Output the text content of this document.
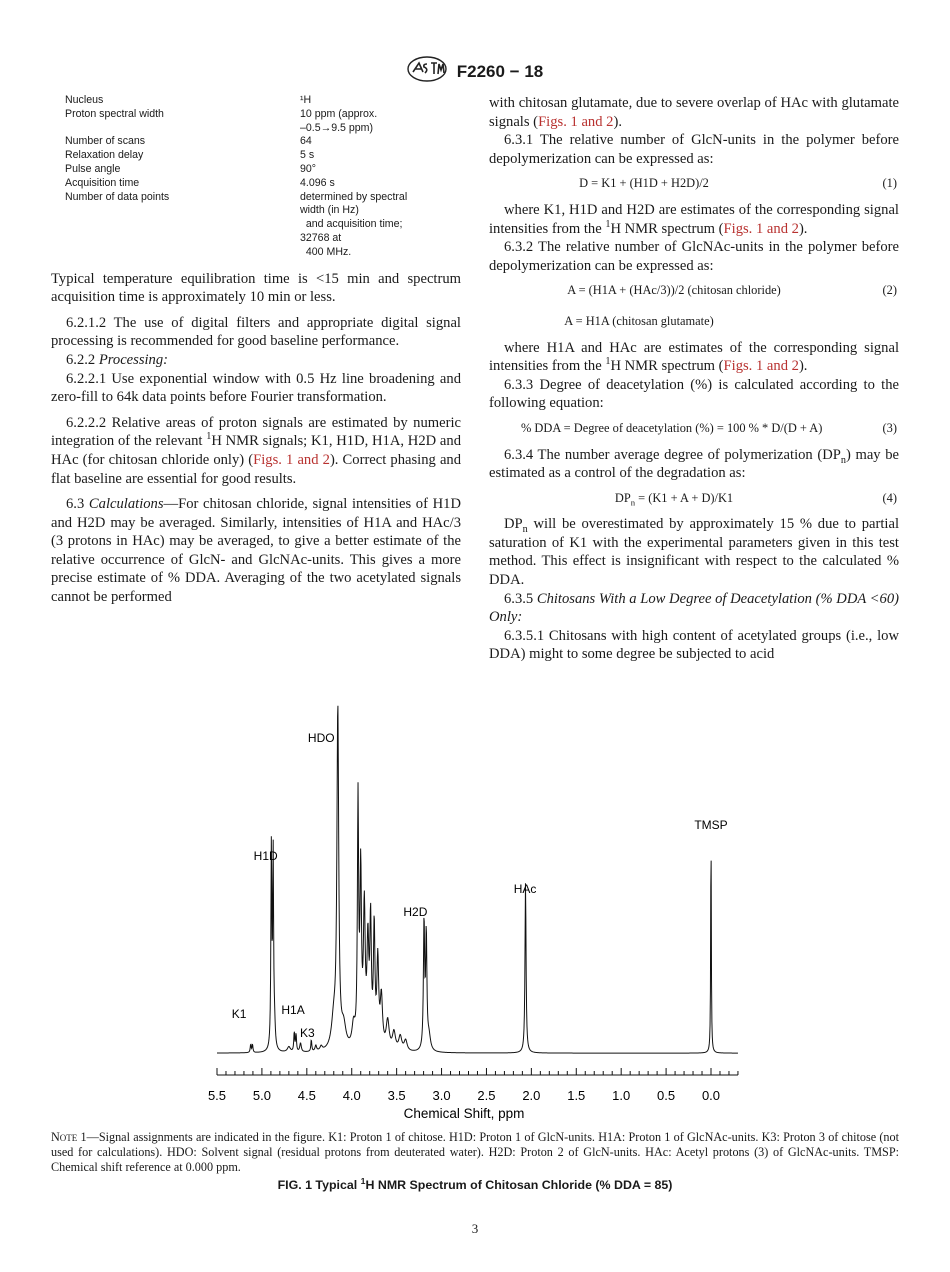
F2260 − 18
Nucleus	¹H
Proton spectral width	10 ppm (approx.
–0.5→9.5 ppm)
Number of scans	64
Relaxation delay	5 s
Pulse angle	90°
Acquisition time	4.096 s
Number of data points	determined by spectral
width (in Hz)
and acquisition time;
32768 at
400 MHz.

Typical temperature equilibration time is <15 min and spectrum acquisition time is approximately 10 min or less.

6.2.1.2 The use of digital filters and appropriate digital signal processing is recommended for good baseline performance.

6.2.2 Processing:

6.2.2.1 Use exponential window with 0.5 Hz line broadening and zero-fill to 64k data points before Fourier transformation.

6.2.2.2 Relative areas of proton signals are estimated by numeric integration of the relevant $^1$H NMR signals; K1, H1D, H1A, H2D and HAc (for chitosan chloride only) (Figs. 1 and 2). Correct phasing and flat baseline are essential for good results.

6.3 Calculations—For chitosan chloride, signal intensities of H1D and H2D may be averaged. Similarly, intensities of H1A and HAc/3 (3 protons in HAc) may be averaged, to give a better estimate of the relative occurrence of GlcN- and GlcNAc-units. This gives a more precise estimate of % DDA. Averaging of the two acetylated signals cannot be performed

with chitosan glutamate, due to severe overlap of HAc with glutamate signals (Figs. 1 and 2).

6.3.1 The relative number of GlcN-units in the polymer before depolymerization can be expressed as:

D = K1 + (H1D + H2D)/2	(1)

where K1, H1D and H2D are estimates of the corresponding signal intensities from the $^1$H NMR spectrum (Figs. 1 and 2).

6.3.2 The relative number of GlcNAc-units in the polymer before depolymerization can be expressed as:

A = (H1A + (HAc/3))/2 (chitosan chloride)	(2)
A = H1A (chitosan glutamate)

where H1A and HAc are estimates of the corresponding signal intensities from the $^1$H NMR spectrum (Figs. 1 and 2).

6.3.3 Degree of deacetylation (%) is calculated according to the following equation:

% DDA = Degree of deacetylation (%) = 100 % * D/(D + A)	(3)

6.3.4 The number average degree of polymerization $(DP_n)$ may be estimated as a control of the degradation as:

$DP_n = (K1 + A + D)/K1$	(4)

$DP_n$ will be overestimated by approximately 15 % due to partial saturation of K1 with the experimental parameters given in this test method. This effect is insignificant with respect to the calculated % DDA.

6.3.5 Chitosans With a Low Degree of Deacetylation (% DDA <60) Only:

6.3.5.1 Chitosans with high content of acetylated groups (i.e., low DDA) might to some degree be subjected to acid

5.5 5.0 4.5 4.0 3.5 3.0 2.5 2.0 1.5 1.0 0.5 0.0
Chemical Shift, ppm
K1
H1D
H1A
K3
HDO
H2D
HAc
TMSP
Note 1—Signal assignments are indicated in the figure. K1: Proton 1 of chitose. H1D: Proton 1 of GlcN-units. H1A: Proton 1 of GlcNAc-units. K3: Proton 3 of chitose (not used for calculations). HDO: Solvent signal (residual protons from deuterated water). H2D: Proton 2 of GlcN-units. HAc: Acetyl protons (3) of GlcNAc-units. TMSP: Chemical shift reference at 0.000 ppm.
FIG. 1 Typical $^1$H NMR Spectrum of Chitosan Chloride (% DDA = 85)
3
